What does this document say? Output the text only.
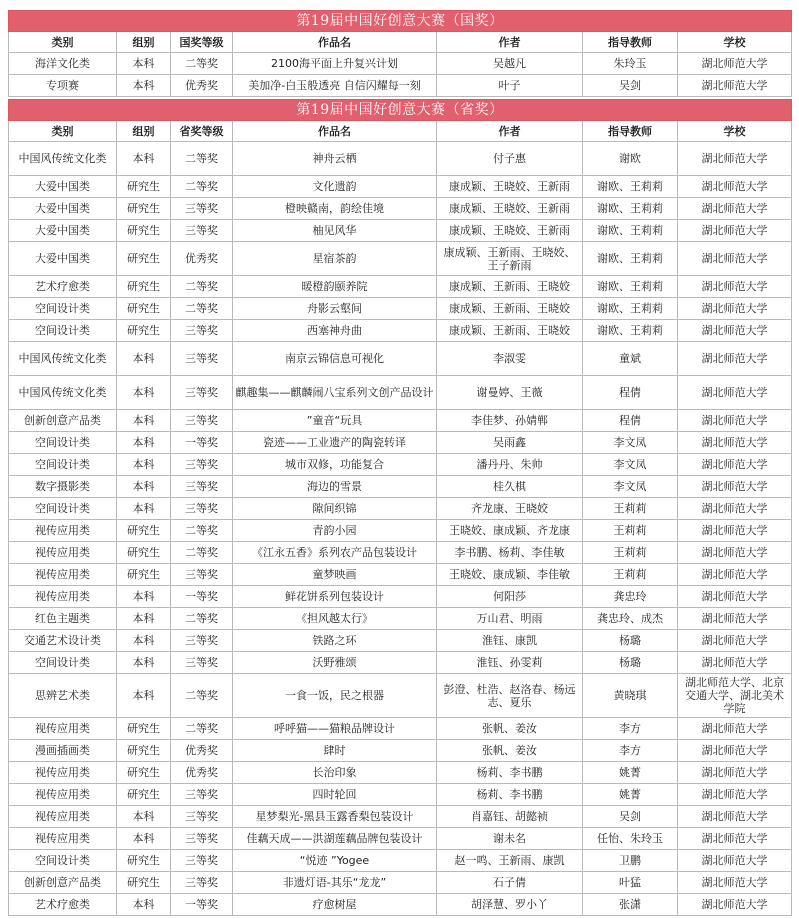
第19届中国好创意大赛（国奖）						
类别	组别	国奖等级	作品名	作者	指导教师	学校
海洋文化类	本科	二等奖	2100海平面上升复兴计划	吴越凡	朱玲玉	湖北师范大学
专项赛	本科	优秀奖	美加净-白玉般透亮 自信闪耀每一刻	叶子	吴剑	湖北师范大学

第19届中国好创意大赛（省奖）						
类别	组别	省奖等级	作品名	作者	指导教师	学校
中国风传统文化类	本科	二等奖	神舟云栖	付子惠	谢欧	湖北师范大学
大爱中国类	研究生	二等奖	文化遗韵	康成颖、王晓姣、王新雨	谢欧、王莉莉	湖北师范大学
大爱中国类	研究生	三等奖	橙映赣南，韵绘佳境	康成颖、王晓姣、王新雨	谢欧、王莉莉	湖北师范大学
大爱中国类	研究生	三等奖	柚见风华	康成颖、王晓姣、王新雨	谢欧、王莉莉	湖北师范大学
大爱中国类	研究生	优秀奖	星宿茶韵	康成颖、王新雨、王晓姣、王子新雨	谢欧、王莉莉	湖北师范大学
艺术疗愈类	研究生	二等奖	暖橙韵颐养院	康成颖、王新雨、王晓姣	谢欧、王莉莉	湖北师范大学
空间设计类	研究生	二等奖	舟影云壑间	康成颖、王新雨、王晓姣	谢欧、王莉莉	湖北师范大学
空间设计类	研究生	三等奖	西塞神舟曲	康成颖、王新雨、王晓姣	谢欧、王莉莉	湖北师范大学
中国风传统文化类	本科	三等奖	南京云锦信息可视化	李淑雯	童斌	湖北师范大学
中国风传统文化类	本科	三等奖	麒趣集——麒麟闹八宝系列文创产品设计	谢曼婷、王薇	程倩	湖北师范大学
创新创意产品类	本科	三等奖	”童音“玩具	李佳梦、孙婧郸	程倩	湖北师范大学
空间设计类	本科	一等奖	瓷迹——工业遗产的陶瓷转译	吴雨鑫	李文凤	湖北师范大学
空间设计类	本科	三等奖	城市双修，功能复合	潘丹丹、朱帅	李文凤	湖北师范大学
数字摄影类	本科	三等奖	海边的雪景	桂久棋	李文凤	湖北师范大学
空间设计类	本科	三等奖	隙间织锦	齐龙康、王晓姣	王莉莉	湖北师范大学
视传应用类	研究生	二等奖	青韵小园	王晓姣、康成颖、齐龙康	王莉莉	湖北师范大学
视传应用类	研究生	二等奖	《江永五香》系列农产品包装设计	李书鹏、杨莉、李佳敏	王莉莉	湖北师范大学
视传应用类	研究生	三等奖	童梦映画	王晓姣、康成颖、李佳敏	王莉莉	湖北师范大学
视传应用类	本科	一等奖	鲜花饼系列包装设计	何阳莎	龚忠玲	湖北师范大学
红色主题类	本科	二等奖	《担风越太行》	万山君、明雨	龚忠玲、成杰	湖北师范大学
交通艺术设计类	本科	三等奖	铁路之环	淮钰、康凯	杨璐	湖北师范大学
空间设计类	本科	三等奖	沃野雅颂	淮钰、孙雯莉	杨璐	湖北师范大学
思辨艺术类	本科	二等奖	一食一饭，民之根器	彭澄、杜浩、赵洛春、杨远志、夏乐	黄晓琪	湖北师范大学、北京交通大学、湖北美术学院
视传应用类	研究生	二等奖	呼呼猫——猫粮品牌设计	张帆、姜汝	李方	湖北师范大学
漫画插画类	研究生	优秀奖	肆时	张帆、姜汝	李方	湖北师范大学
视传应用类	研究生	优秀奖	长治印象	杨莉、李书鹏	姚菁	湖北师范大学
视传应用类	研究生	三等奖	四时轮回	杨莉、李书鹏	姚菁	湖北师范大学
视传应用类	本科	三等奖	星梦梨光-黑县玉露香梨包装设计	肖嘉钰、胡懿祯	吴剑	湖北师范大学
视传应用类	本科	三等奖	佳藕天成——洪湖莲藕品牌包装设计	谢未名	任怡、朱玲玉	湖北师范大学
空间设计类	研究生	三等奖	“悦迹 ”Yogee	赵一鸣、王新雨、康凯	卫鹏	湖北师范大学
创新创意产品类	研究生	三等奖	非遗灯语-其乐“龙龙”	石子倩	叶猛	湖北师范大学
艺术疗愈类	本科	一等奖	疗愈树屋	胡泽慧、罗小丫	张潇	湖北师范大学
